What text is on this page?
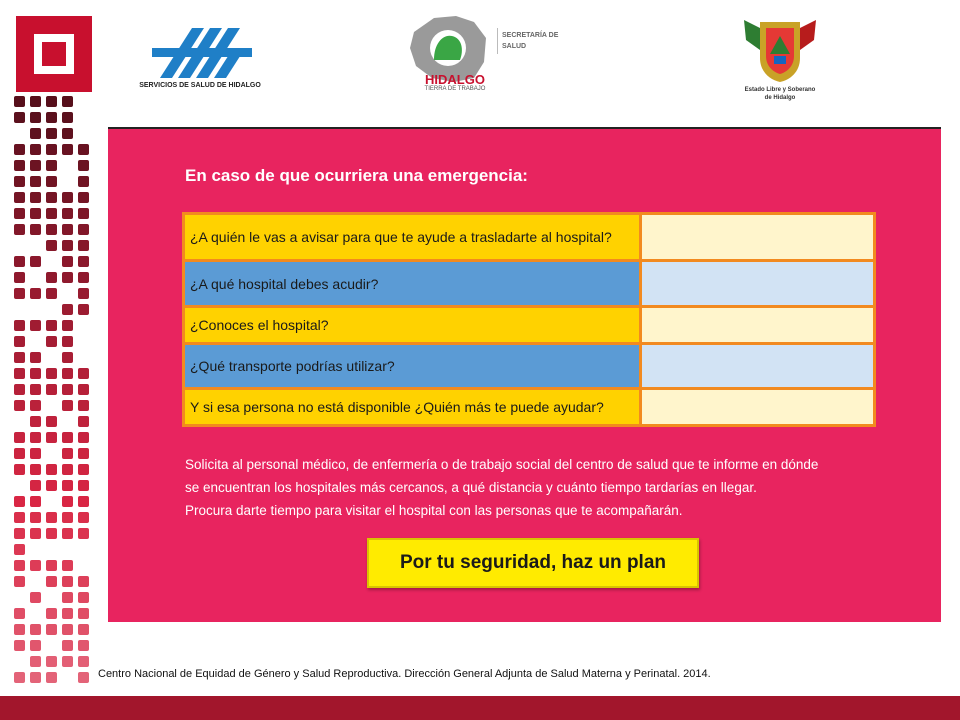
SERVICIOS DE SALUD DE HIDALGO	HIDALGO
TIERRA DE TRABAJO
SECRETARÍA DE
SALUD
Estado Libre y Soberano
de Hidalgo
En caso de que ocurriera una emergencia:
¿A quién le vas a avisar para que te ayude a trasladarte al hospital?
¿A qué hospital debes acudir?
¿Conoces el hospital?
¿Qué transporte podrías utilizar?
Y si esa persona no está disponible ¿Quién más te puede ayudar?
Solicita al personal médico, de enfermería o de trabajo social del centro de salud que te informe en dónde
se encuentran los hospitales más cercanos, a qué distancia y cuánto tiempo tardarías en llegar.
Procura darte tiempo para visitar el hospital con las personas que te acompañarán.
Por tu seguridad, haz un plan
Centro Nacional de Equidad de Género y Salud Reproductiva. Dirección General Adjunta de Salud Materna y Perinatal. 2014.
